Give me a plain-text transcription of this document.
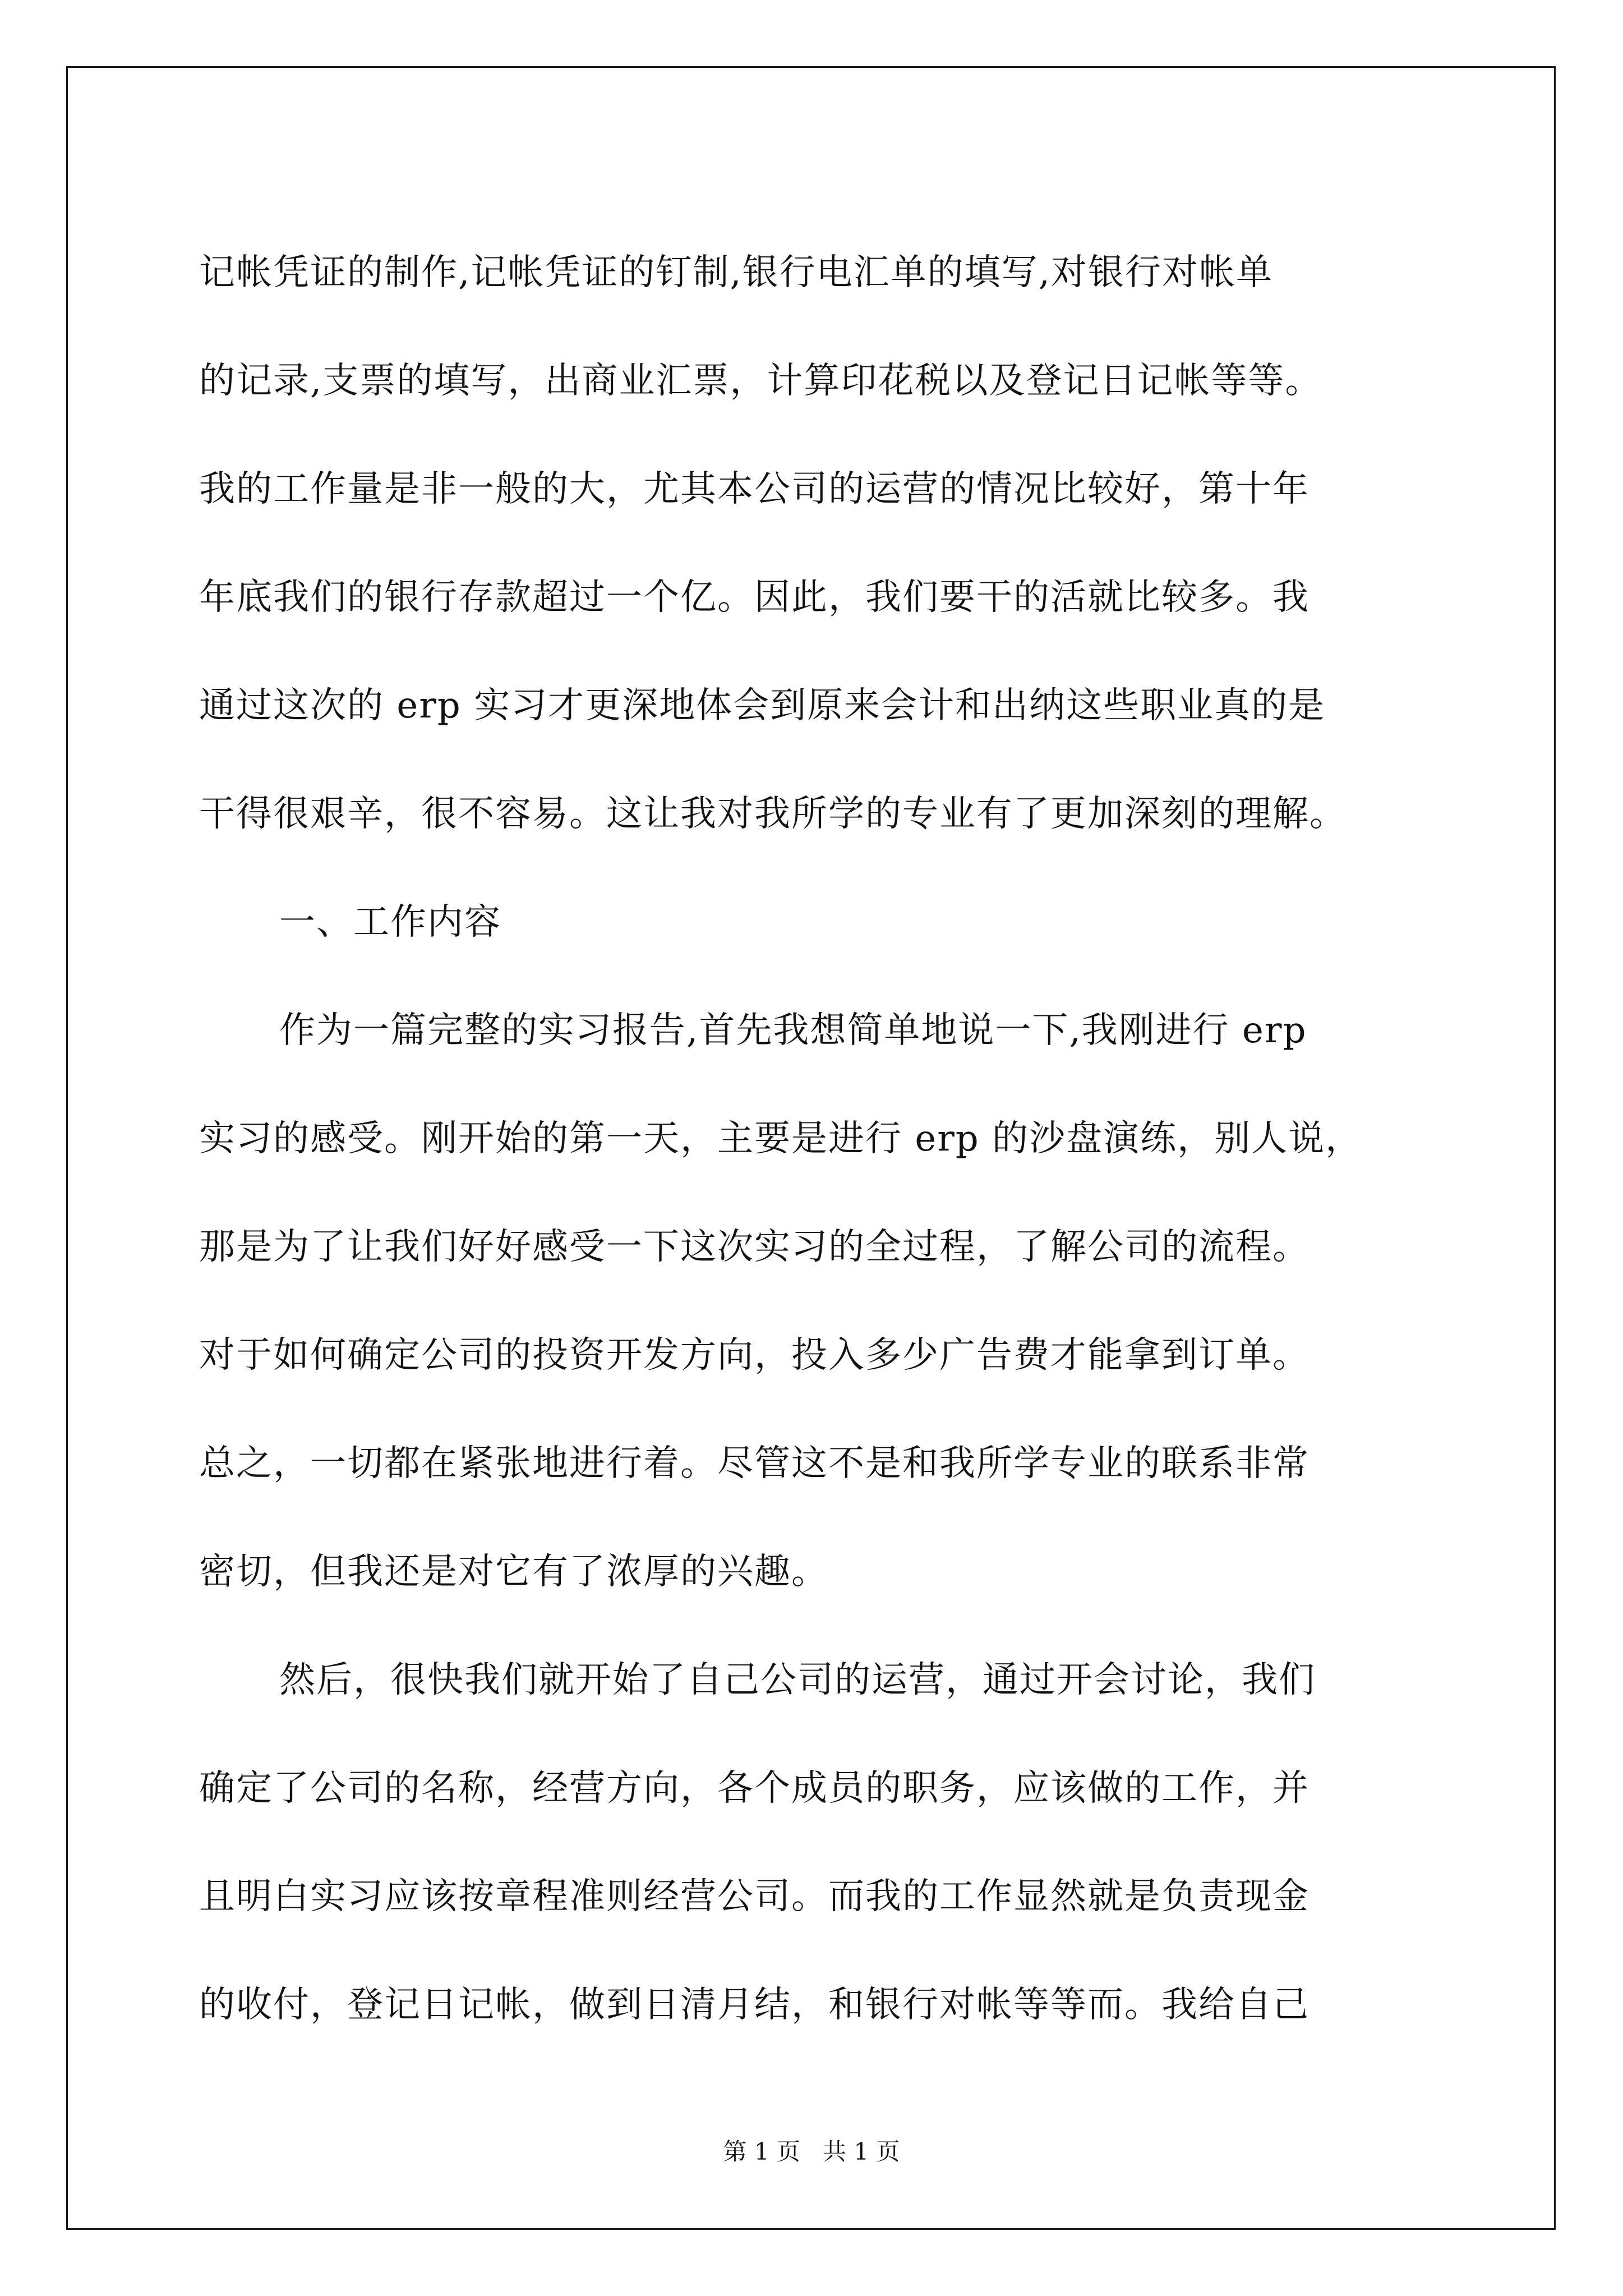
记帐凭证的制作,记帐凭证的钉制,银行电汇单的填写,对银行对帐单
的记录,支票的填写，出商业汇票，计算印花税以及登记日记帐等等。
我的工作量是非一般的大，尤其本公司的运营的情况比较好，第十年
年底我们的银行存款超过一个亿。因此，我们要干的活就比较多。我
通过这次的 erp 实习才更深地体会到原来会计和出纳这些职业真的是
干得很艰辛，很不容易。这让我对我所学的专业有了更加深刻的理解。
一、工作内容
作为一篇完整的实习报告,首先我想简单地说一下,我刚进行 erp
实习的感受。刚开始的第一天，主要是进行 erp 的沙盘演练，别人说，
那是为了让我们好好感受一下这次实习的全过程，了解公司的流程。
对于如何确定公司的投资开发方向，投入多少广告费才能拿到订单。
总之，一切都在紧张地进行着。尽管这不是和我所学专业的联系非常
密切，但我还是对它有了浓厚的兴趣。
然后，很快我们就开始了自己公司的运营，通过开会讨论，我们
确定了公司的名称，经营方向，各个成员的职务，应该做的工作，并
且明白实习应该按章程准则经营公司。而我的工作显然就是负责现金
的收付，登记日记帐，做到日清月结，和银行对帐等等而。我给自己
第 1 页   共 1 页
